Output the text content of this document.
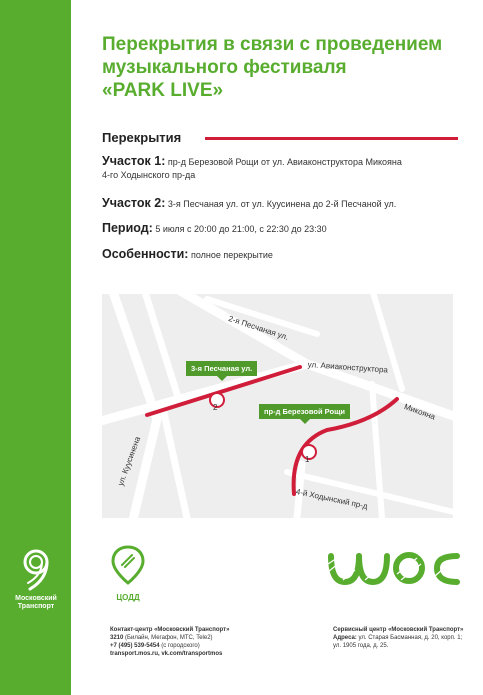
Московский
Транспорт
Перекрытия в связи с проведением
музыкального фестиваля
«PARK LIVE»
Перекрытия
Участок 1: пр-д Березовой Рощи от ул. Авиаконструктора Микояна
4-го Ходынского пр-да
Участок 2: 3-я Песчаная ул. от ул. Куусинена до 2-й Песчаной ул.
Период: 5 июля с 20:00 до 21:00, с 22:30 до 23:30
Особенности: полное перекрытие
2
1
2-я Песчаная ул.
ул. Авиаконструктора
Микояна
ул. Куусинена
4-й Ходынский пр-д
3-я Песчаная ул.
пр-д Березовой Рощи
ЦОДД
Контакт-центр «Московский Транспорт»
3210 (Билайн, Мегафон, МТС, Tele2)
+7 (495) 539-5454 (с городского)
transport.mos.ru, vk.com/transportmos
Сервисный центр «Московский Транспорт»
Адреса: ул. Старая Басманная, д. 20, корп. 1;
ул. 1905 года, д. 25.
